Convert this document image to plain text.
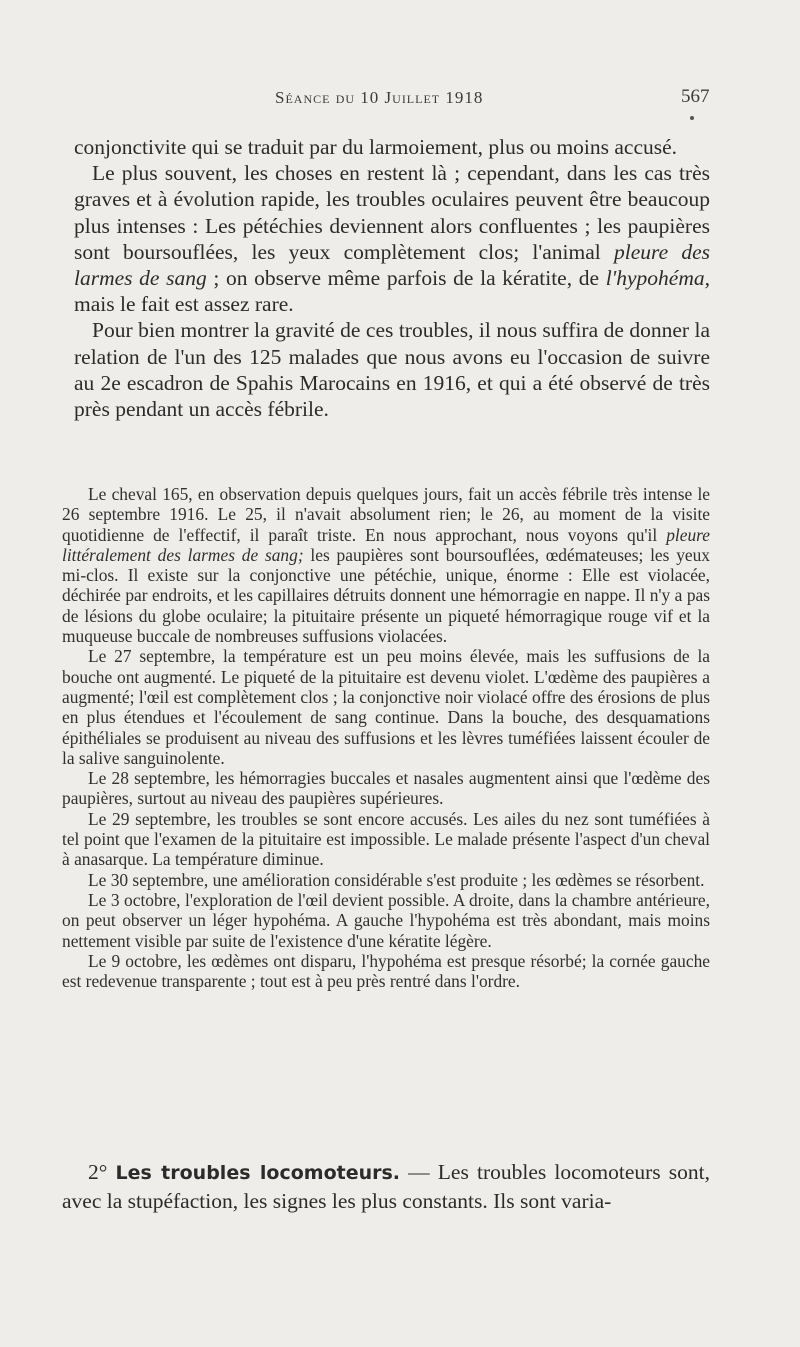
Séance du 10 Juillet 1918	567

conjonctivite qui se traduit par du larmoiement, plus ou moins accusé.

Le plus souvent, les choses en restent là ; cependant, dans les cas très graves et à évolution rapide, les troubles oculaires peuvent être beaucoup plus intenses : Les pétéchies deviennent alors confluentes ; les paupières sont boursouflées, les yeux complètement clos; l'animal pleure des larmes de sang ; on observe même parfois de la kératite, de l'hypohéma, mais le fait est assez rare.

Pour bien montrer la gravité de ces troubles, il nous suffira de donner la relation de l'un des 125 malades que nous avons eu l'occasion de suivre au 2e escadron de Spahis Marocains en 1916, et qui a été observé de très près pendant un accès fébrile.

Le cheval 165, en observation depuis quelques jours, fait un accès fébrile très intense le 26 septembre 1916. Le 25, il n'avait absolument rien; le 26, au moment de la visite quotidienne de l'effectif, il paraît triste. En nous approchant, nous voyons qu'il pleure littéralement des larmes de sang; les paupières sont boursouflées, œdémateuses; les yeux mi-clos. Il existe sur la conjonctive une pétéchie, unique, énorme : Elle est violacée, déchirée par endroits, et les capillaires détruits donnent une hémorragie en nappe. Il n'y a pas de lésions du globe oculaire; la pituitaire présente un piqueté hémorragique rouge vif et la muqueuse buccale de nombreuses suffusions violacées.

Le 27 septembre, la température est un peu moins élevée, mais les suffusions de la bouche ont augmenté. Le piqueté de la pituitaire est devenu violet. L'œdème des paupières a augmenté; l'œil est complètement clos ; la conjonctive noir violacé offre des érosions de plus en plus étendues et l'écoulement de sang continue. Dans la bouche, des desquamations épithéliales se produisent au niveau des suffusions et les lèvres tuméfiées laissent écouler de la salive sanguinolente.

Le 28 septembre, les hémorragies buccales et nasales augmentent ainsi que l'œdème des paupières, surtout au niveau des paupières supérieures.

Le 29 septembre, les troubles se sont encore accusés. Les ailes du nez sont tuméfiées à tel point que l'examen de la pituitaire est impossible. Le malade présente l'aspect d'un cheval à anasarque. La température diminue.

Le 30 septembre, une amélioration considérable s'est produite ; les œdèmes se résorbent.

Le 3 octobre, l'exploration de l'œil devient possible. A droite, dans la chambre antérieure, on peut observer un léger hypohéma. A gauche l'hypohéma est très abondant, mais moins nettement visible par suite de l'existence d'une kératite légère.

Le 9 octobre, les œdèmes ont disparu, l'hypohéma est presque résorbé; la cornée gauche est redevenue transparente ; tout est à peu près rentré dans l'ordre.

2° Les troubles locomoteurs. — Les troubles locomoteurs sont, avec la stupéfaction, les signes les plus constants. Ils sont varia-
